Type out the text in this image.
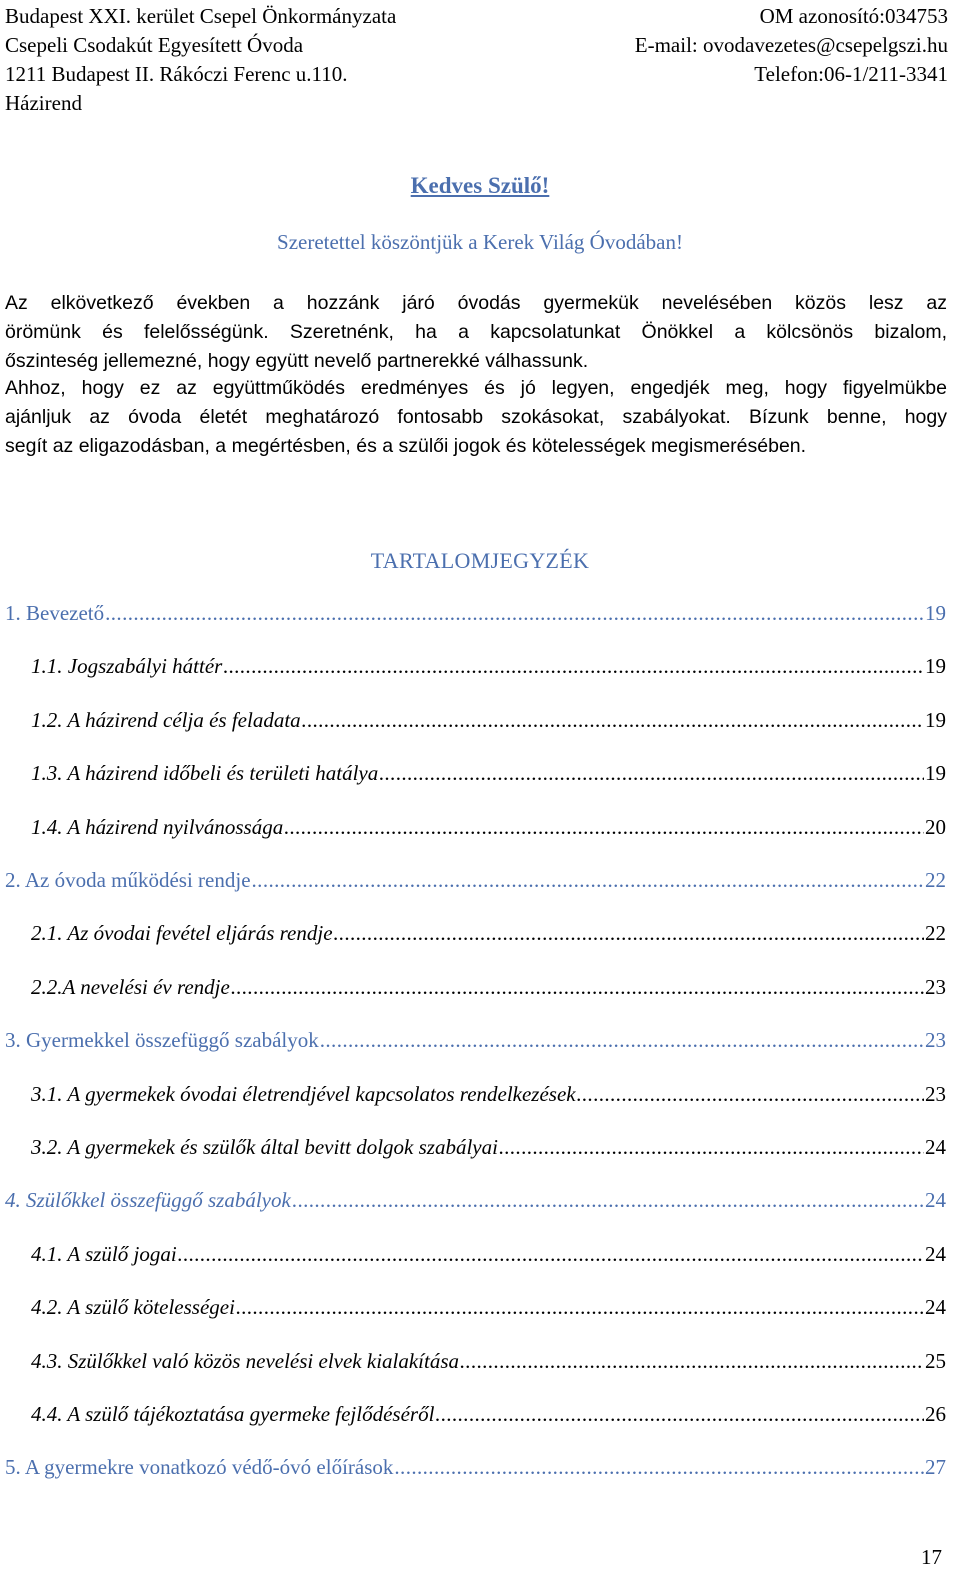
Budapest XXI. kerület Csepel Önkormányzata	OM azonosító:034753
Csepeli Csodakút Egyesített Óvoda	E-mail: ovodavezetes@csepelgszi.hu
1211 Budapest II. Rákóczi Ferenc u.110.	Telefon:06-1/211-3341
Házirend
Kedves Szülő!
Szeretettel köszöntjük a Kerek Világ Óvodában!
Az elkövetkező években a hozzánk járó óvodás gyermekük nevelésében közös lesz az
örömünk és felelősségünk. Szeretnénk, ha a kapcsolatunkat Önökkel a kölcsönös bizalom,
őszinteség jellemezné, hogy együtt nevelő partnerekké válhassunk.
Ahhoz, hogy ez az együttműködés eredményes és jó legyen, engedjék meg, hogy figyelmükbe
ajánljuk az óvoda életét meghatározó fontosabb szokásokat, szabályokat. Bízunk benne, hogy
segít az eligazodásban, a megértésben, és a szülői jogok és kötelességek megismerésében.
TARTALOMJEGYZÉK
1. Bevezető .....	19
1.1. Jogszabályi háttér .....	19
1.2. A házirend célja és feladata .....	19
1.3. A házirend időbeli és területi hatálya .....	19
1.4. A házirend nyilvánossága .....	20
2. Az óvoda működési rendje .....	22
2.1. Az óvodai fevétel eljárás rendje .....	22
2.2.A nevelési év rendje .....	23
3. Gyermekkel összefüggő szabályok .....	23
3.1. A gyermekek óvodai életrendjével kapcsolatos rendelkezések .....	23
3.2. A gyermekek és szülők által bevitt dolgok szabályai .....	24
4. Szülőkkel összefüggő szabályok .....	24
4.1. A szülő jogai .....	24
4.2. A szülő kötelességei .....	24
4.3. Szülőkkel való közös nevelési elvek kialakítása .....	25
4.4. A szülő tájékoztatása gyermeke fejlődéséről .....	26
5. A gyermekre vonatkozó védő-óvó előírások .....	27
17
